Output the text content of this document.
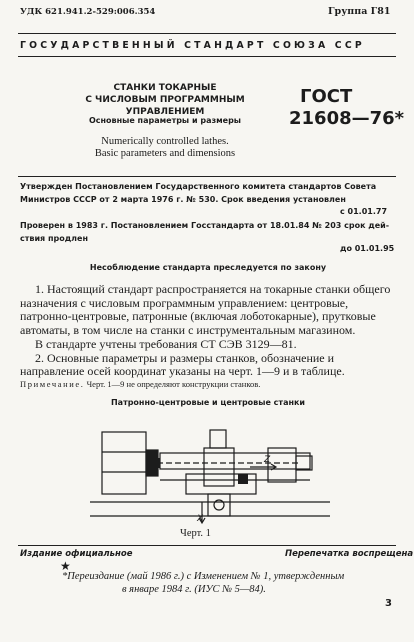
УДК 621.941.2-529:006.354	Группа Г81
ГОСУДАРСТВЕННЫЙ СТАНДАРТ СОЮЗА ССР
СТАНКИ ТОКАРНЫЕ
С ЧИСЛОВЫМ ПРОГРАММНЫМ УПРАВЛЕНИЕМ
Основные параметры и размеры
Numerically controlled lathes.
Basic parameters and dimensions
ГОСТ
21608—76*
Утвержден Постановлением Государственного комитета стандартов Совета
Министров СССР от 2 марта 1976 г. № 530. Срок введения установлен
с 01.01.77
Проверен в 1983 г. Постановлением Госстандарта от 18.01.84 № 203 срок дей-
ствия продлен
до 01.01.95
Несоблюдение стандарта преследуется по закону

1. Настоящий стандарт распространяется на токарные станки общего назначения с числовым программным управлением: центровые, патронно-центровые, патронные (включая лоботокарные), прутковые автоматы, в том числе на станки с инструментальным магазином.

В стандарте учтены требования СТ СЭВ 3129—81.

2. Основные параметры и размеры станков, обозначение и направление осей координат указаны на черт. 1—9 и в таблице.

Примечание. Черт. 1—9 не определяют конструкции станков.
Патронно-центровые и центровые станки
Z
X
Черт. 1
Издание официальное	Перепечатка воспрещена
★
*Переиздание (май 1986 г.) с Изменением № 1, утвержденным
в январе 1984 г. (ИУС № 5—84).
3
